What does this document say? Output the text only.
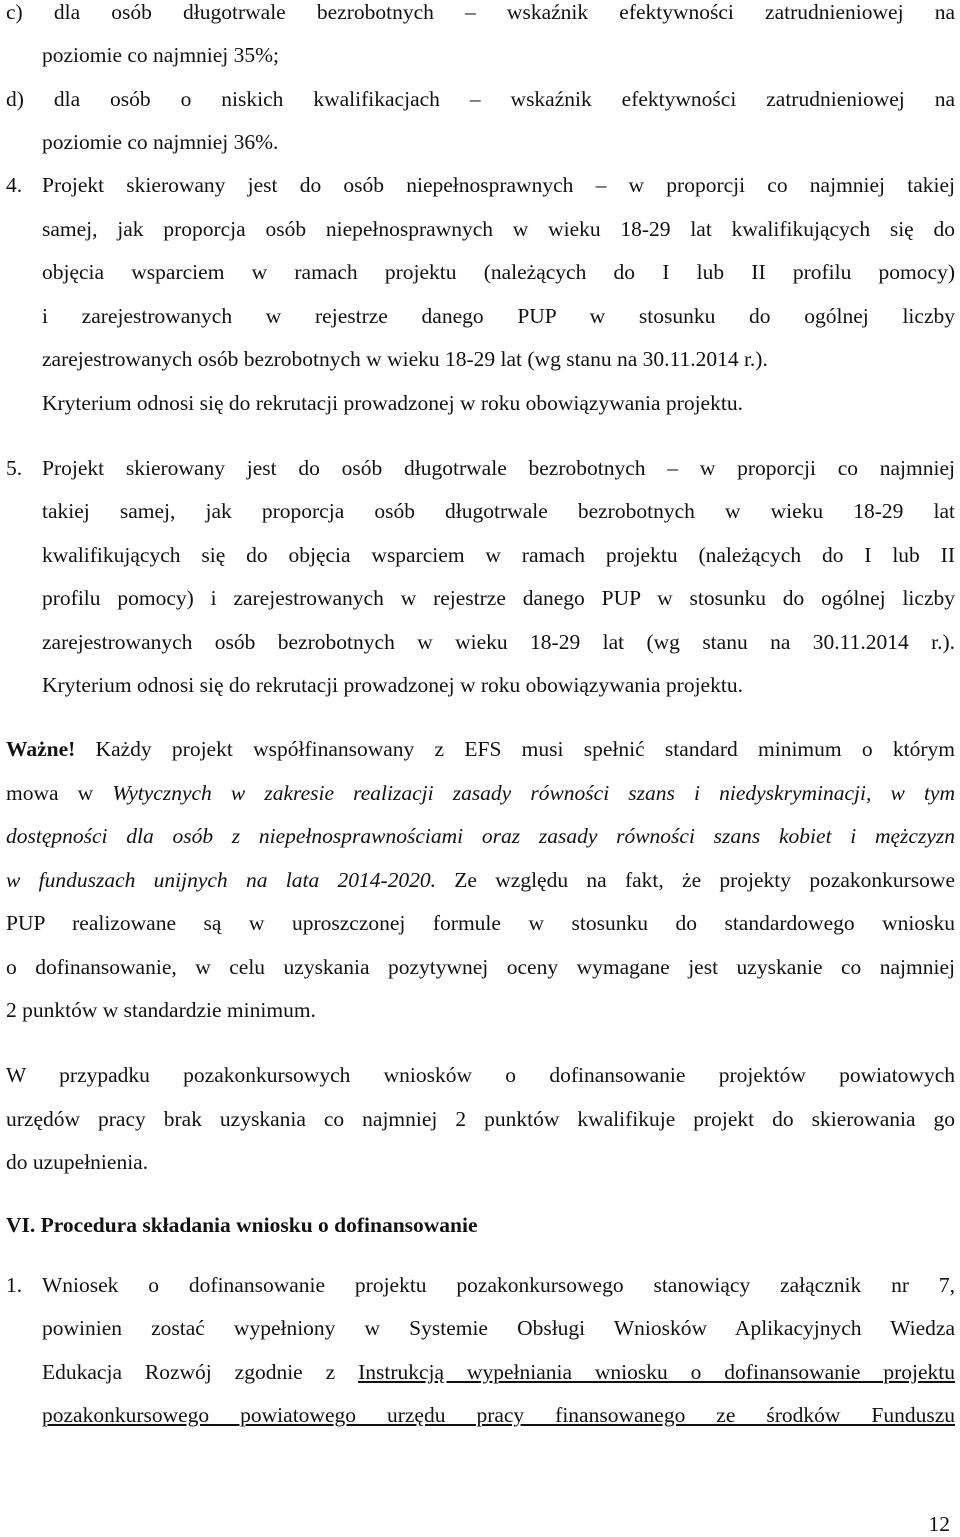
c) dla osób długotrwale bezrobotnych – wskaźnik efektywności zatrudnieniowej na
poziomie co najmniej 35%;
d) dla osób o niskich kwalifikacjach – wskaźnik efektywności zatrudnieniowej na
poziomie co najmniej 36%.
4. Projekt skierowany jest do osób niepełnosprawnych – w proporcji co najmniej takiej
samej, jak proporcja osób niepełnosprawnych w wieku 18-29 lat kwalifikujących się do
objęcia wsparciem w ramach projektu (należących do I lub II profilu pomocy)
i zarejestrowanych w rejestrze danego PUP w stosunku do ogólnej liczby
zarejestrowanych osób bezrobotnych w wieku 18-29 lat (wg stanu na 30.11.2014 r.).
Kryterium odnosi się do rekrutacji prowadzonej w roku obowiązywania projektu.
5. Projekt skierowany jest do osób długotrwale bezrobotnych – w proporcji co najmniej
takiej samej, jak proporcja osób długotrwale bezrobotnych w wieku 18-29 lat
kwalifikujących się do objęcia wsparciem w ramach projektu (należących do I lub II
profilu pomocy) i zarejestrowanych w rejestrze danego PUP w stosunku do ogólnej liczby
zarejestrowanych osób bezrobotnych w wieku 18-29 lat (wg stanu na 30.11.2014 r.).
Kryterium odnosi się do rekrutacji prowadzonej w roku obowiązywania projektu.
Ważne! Każdy projekt współfinansowany z EFS musi spełnić standard minimum o którym
mowa w Wytycznych w zakresie realizacji zasady równości szans i niedyskryminacji, w tym
dostępności dla osób z niepełnosprawnościami oraz zasady równości szans kobiet i mężczyzn
w funduszach unijnych na lata 2014-2020. Ze względu na fakt, że projekty pozakonkursowe
PUP realizowane są w uproszczonej formule w stosunku do standardowego wniosku
o dofinansowanie, w celu uzyskania pozytywnej oceny wymagane jest uzyskanie co najmniej
2 punktów w standardzie minimum.
W przypadku pozakonkursowych wniosków o dofinansowanie projektów powiatowych
urzędów pracy brak uzyskania co najmniej 2 punktów kwalifikuje projekt do skierowania go
do uzupełnienia.
VI. Procedura składania wniosku o dofinansowanie
1. Wniosek o dofinansowanie projektu pozakonkursowego stanowiący załącznik nr 7,
powinien zostać wypełniony w Systemie Obsługi Wniosków Aplikacyjnych Wiedza
Edukacja Rozwój zgodnie z Instrukcją wypełniania wniosku o dofinansowanie projektu
pozakonkursowego powiatowego urzędu pracy finansowanego ze środków Funduszu
12
